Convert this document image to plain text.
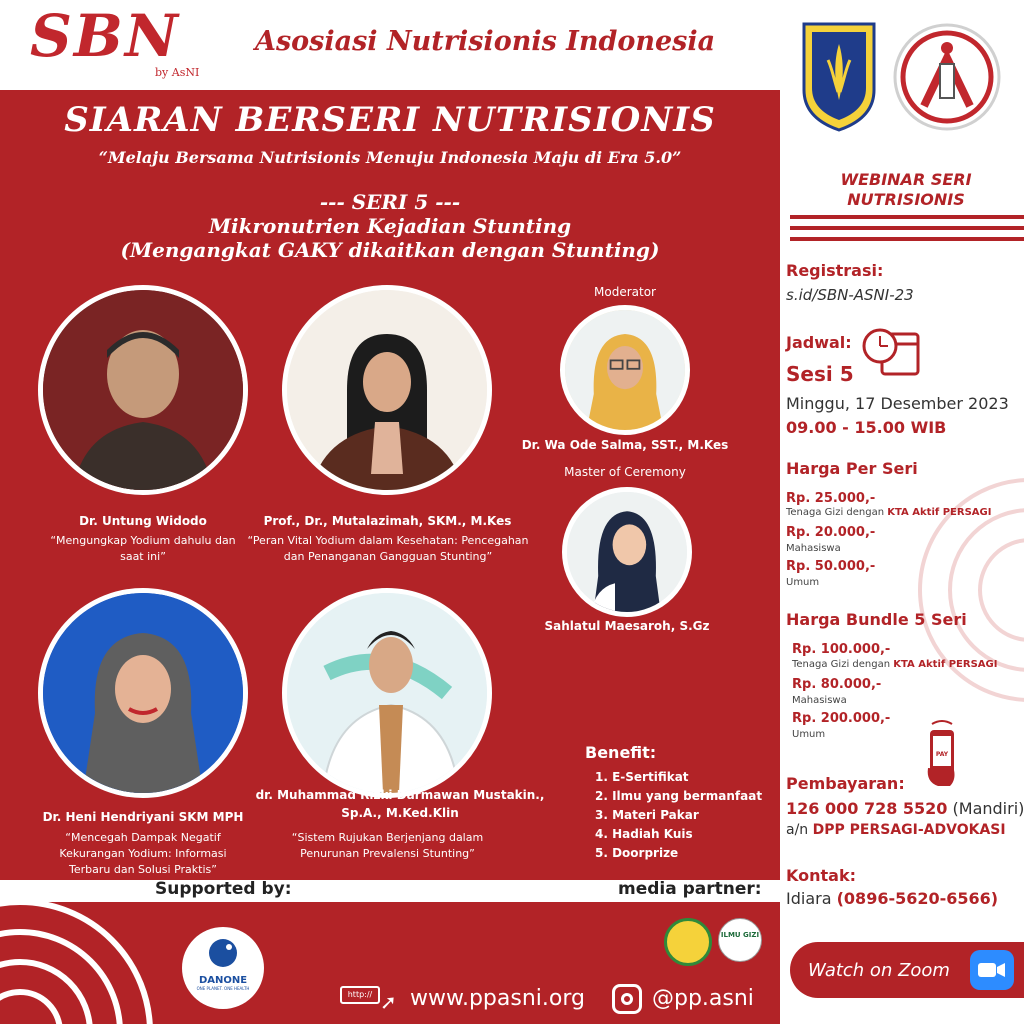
SBN
by AsNI
Asosiasi Nutrisionis Indonesia
SIARAN BERSERI NUTRISIONIS
“Melaju Bersama Nutrisionis Menuju Indonesia Maju di Era 5.0”
--- SERI 5 ---
Mikronutrien Kejadian Stunting
(Mengangkat GAKY dikaitkan dengan Stunting)
Dr. Untung Widodo
“Mengungkap Yodium dahulu dan saat ini”
Prof., Dr., Mutalazimah, SKM., M.Kes
“Peran Vital Yodium dalam Kesehatan: Pencegahan dan Penanganan Gangguan Stunting”
Dr. Heni Hendriyani SKM MPH
“Mencegah Dampak Negatif Kekurangan Yodium: Informasi Terbaru dan Solusi Praktis”
dr. Muhammad Rizki Darmawan Mustakin.,
Sp.A., M.Ked.Klin
“Sistem Rujukan Berjenjang dalam Penurunan Prevalensi Stunting”
Moderator
Dr. Wa Ode Salma, SST., M.Kes
Master of Ceremony
Sahlatul Maesaroh, S.Gz
Benefit:
1. E-Sertifikat
2. Ilmu yang bermanfaat
3. Materi Pakar
4. Hadiah Kuis
5. Doorprize
Supported by:	media partner:
DANONE
ONE PLANET. ONE HEALTH
ILMU GIZI
http:// ➚ www.ppasni.org	@pp.asni
WEBINAR SERI
NUTRISIONIS
Registrasi:
s.id/SBN-ASNI-23
Jadwal:
Sesi 5
Minggu, 17 Desember 2023
09.00 - 15.00 WIB
Harga Per Seri
Rp. 25.000,-
Tenaga Gizi dengan KTA Aktif PERSAGI
Rp. 20.000,-
Mahasiswa
Rp. 50.000,-
Umum
Harga Bundle 5 Seri
Rp. 100.000,-
Tenaga Gizi dengan KTA Aktif PERSAGI
Rp. 80.000,-
Mahasiswa
Rp. 200.000,-
Umum
PAY
Pembayaran:
126 000 728 5520 (Mandiri)
a/n DPP PERSAGI-ADVOKASI
Kontak:
Idiara (0896-5620-6566)
Watch on Zoom
